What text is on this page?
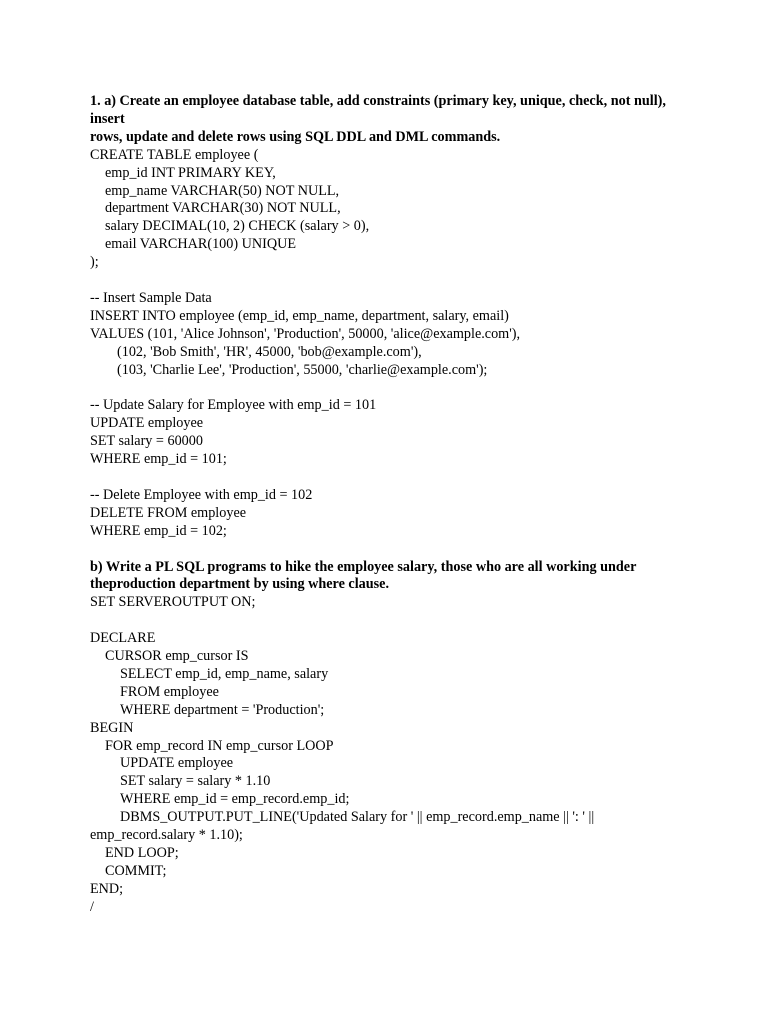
1. a) Create an employee database table, add constraints (primary key, unique, check, not null), insert
rows, update and delete rows using SQL DDL and DML commands.
CREATE TABLE employee (
emp_id INT PRIMARY KEY,
emp_name VARCHAR(50) NOT NULL,
department VARCHAR(30) NOT NULL,
salary DECIMAL(10, 2) CHECK (salary > 0),
email VARCHAR(100) UNIQUE
);
-- Insert Sample Data
INSERT INTO employee (emp_id, emp_name, department, salary, email)
VALUES (101, 'Alice Johnson', 'Production', 50000, 'alice@example.com'),
(102, 'Bob Smith', 'HR', 45000, 'bob@example.com'),
(103, 'Charlie Lee', 'Production', 55000, 'charlie@example.com');
-- Update Salary for Employee with emp_id = 101
UPDATE employee
SET salary = 60000
WHERE emp_id = 101;
-- Delete Employee with emp_id = 102
DELETE FROM employee
WHERE emp_id = 102;
b) Write a PL SQL programs to hike the employee salary, those who are all working under theproduction department by using where clause.
SET SERVEROUTPUT ON;
DECLARE
CURSOR emp_cursor IS
SELECT emp_id, emp_name, salary
FROM employee
WHERE department = 'Production';
BEGIN
FOR emp_record IN emp_cursor LOOP
UPDATE employee
SET salary = salary * 1.10
WHERE emp_id = emp_record.emp_id;
DBMS_OUTPUT.PUT_LINE('Updated Salary for ' || emp_record.emp_name || ': ' ||
emp_record.salary * 1.10);
END LOOP;
COMMIT;
END;
/
